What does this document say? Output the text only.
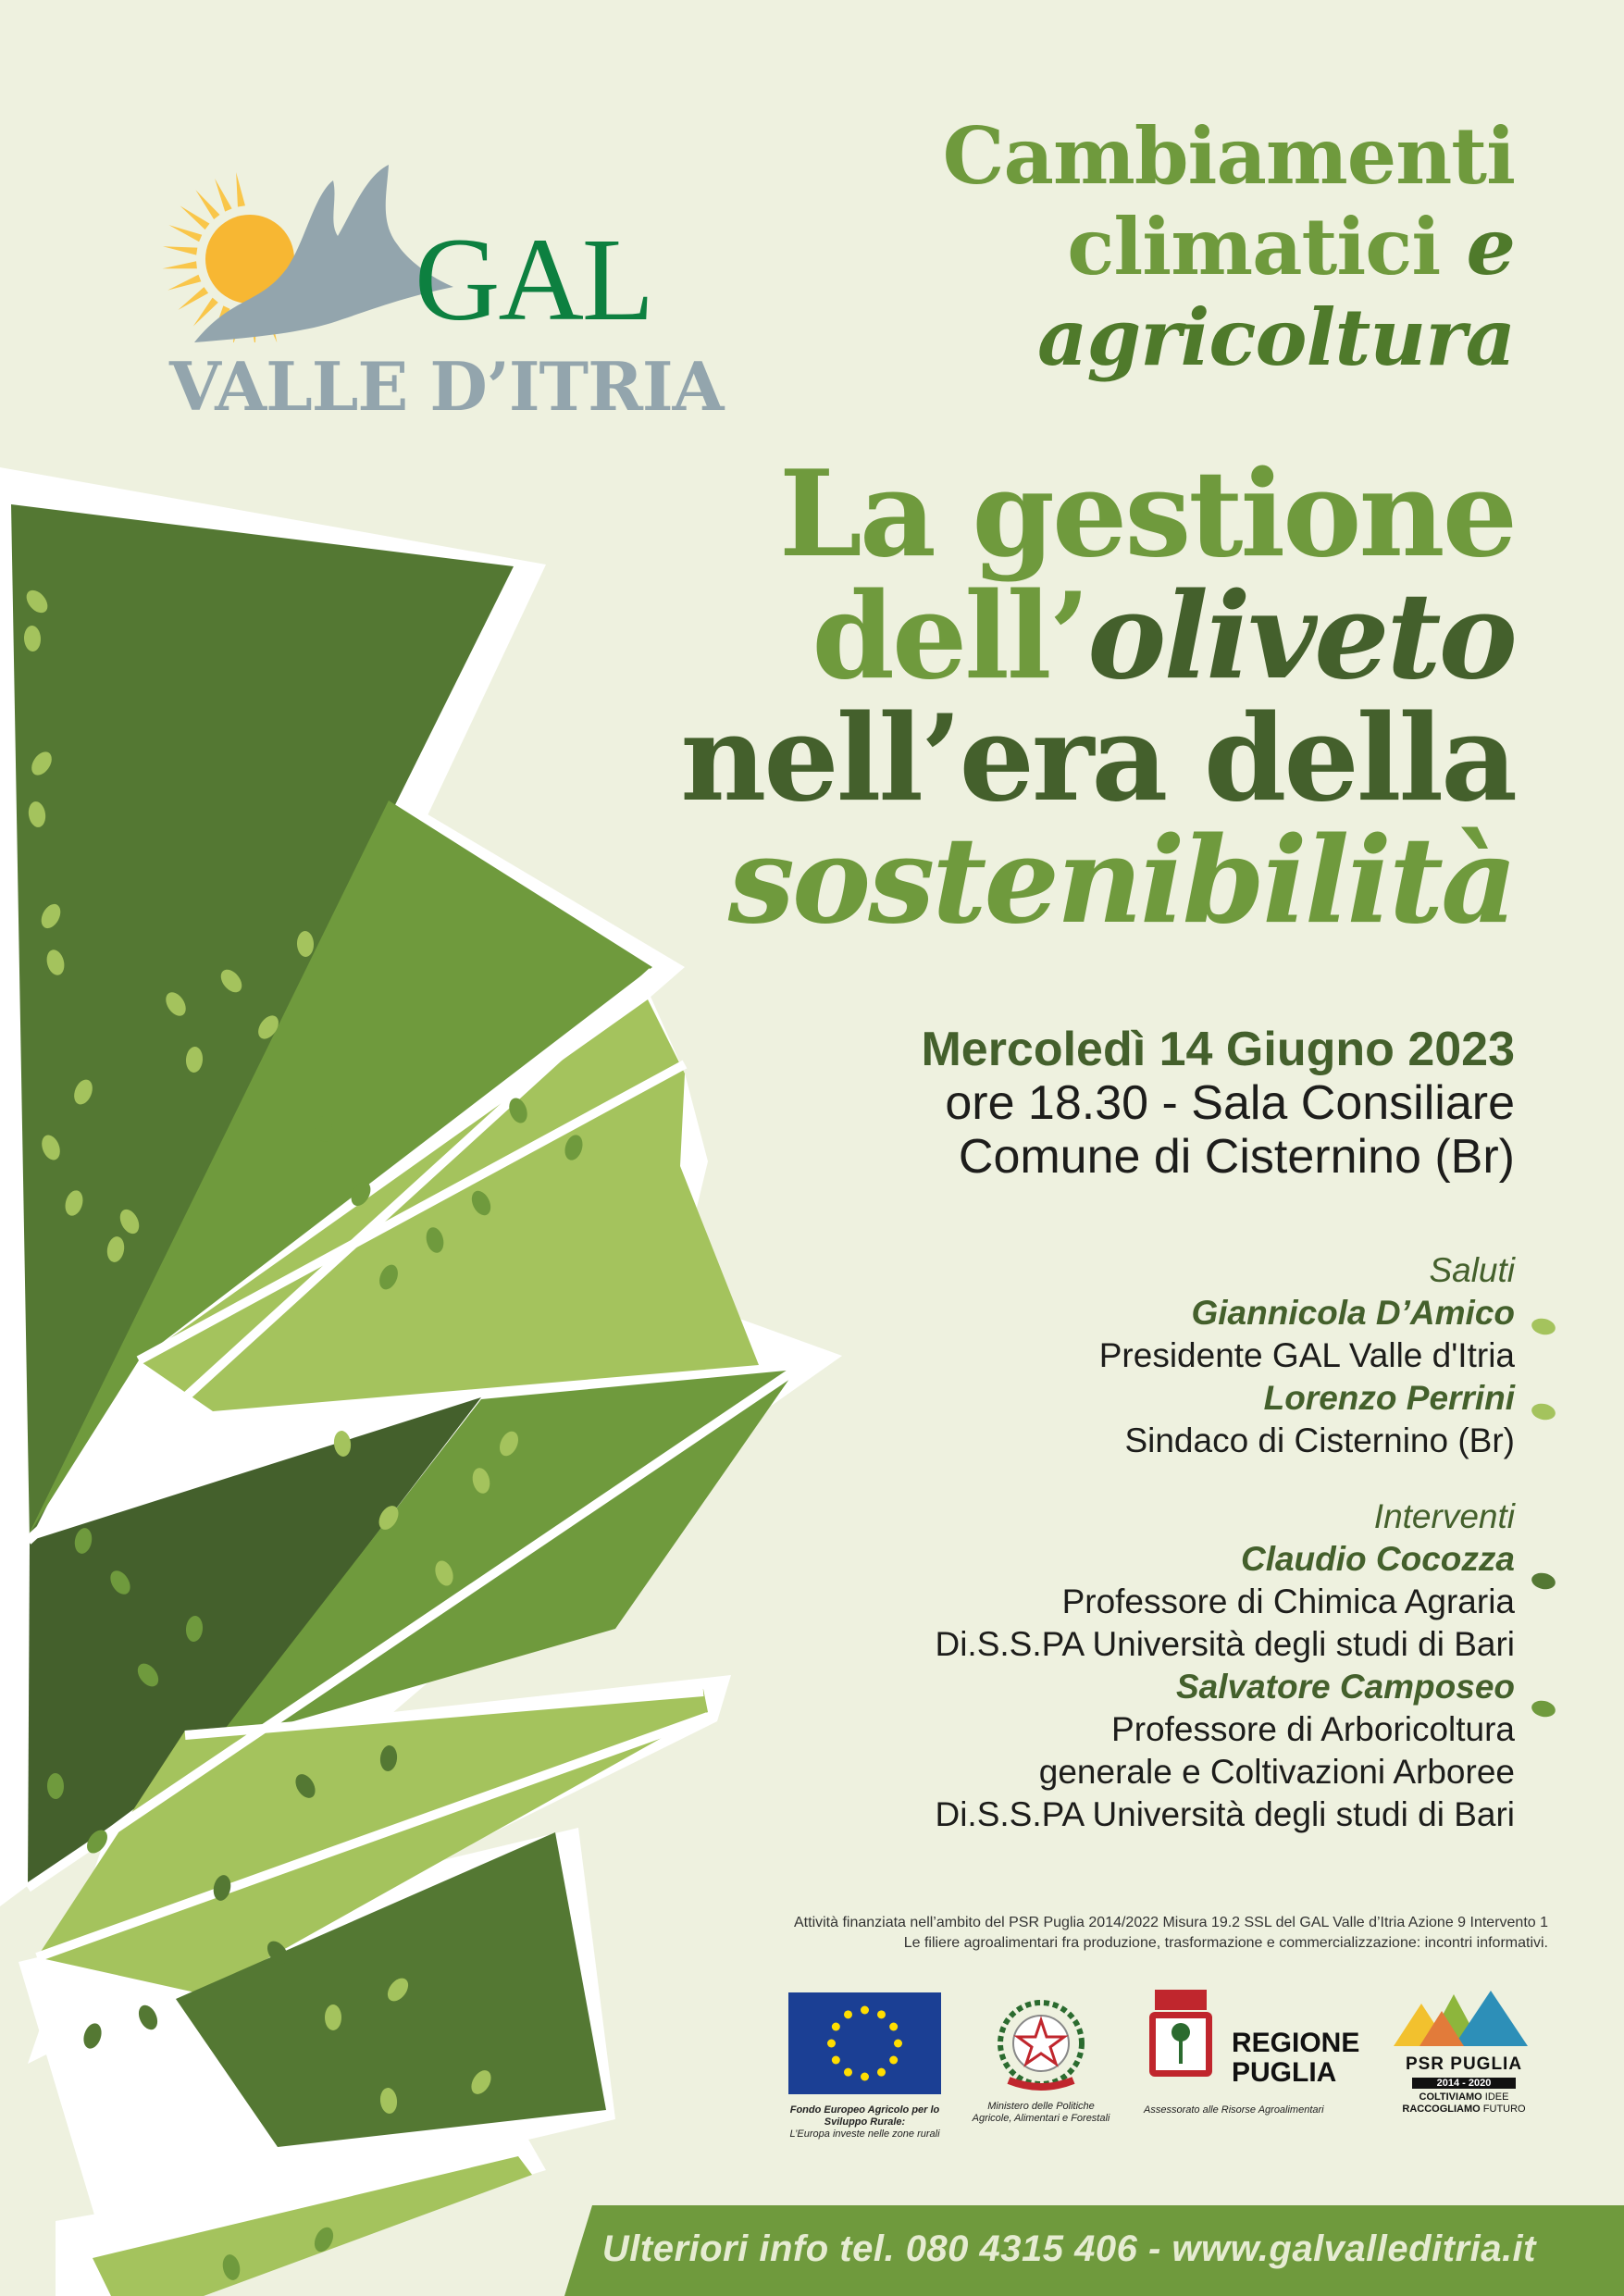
GAL
VALLE D’ITRIA
Cambiamenti
climatici e
agricoltura
La gestione
dell’oliveto
nell’era della
sostenibilità
Mercoledì 14 Giugno 2023
ore 18.30 - Sala Consiliare
Comune di Cisternino (Br)
Saluti
Giannicola D’Amico
Presidente GAL Valle d'Itria
Lorenzo Perrini
Sindaco di Cisternino (Br)
Interventi
Claudio Cocozza
Professore di Chimica Agraria
Di.S.S.PA Università degli studi di Bari
Salvatore Camposeo
Professore di Arboricoltura
generale e Coltivazioni Arboree
Di.S.S.PA Università degli studi di Bari
Attività finanziata nell’ambito del PSR Puglia 2014/2022 Misura 19.2 SSL del GAL Valle d’Itria Azione 9 Intervento 1
Le filiere agroalimentari fra produzione, trasformazione e commercializzazione: incontri informativi.
Fondo Europeo Agricolo per lo
Sviluppo Rurale:
L’Europa investe nelle zone rurali
Ministero delle Politiche
Agricole, Alimentari e Forestali
REGIONE
PUGLIA
Assessorato alle Risorse Agroalimentari
PSR PUGLIA
2014 - 2020
COLTIVIAMO IDEE
RACCOGLIAMO FUTURO
Ulteriori info tel. 080 4315 406 - www.galvalleditria.it
